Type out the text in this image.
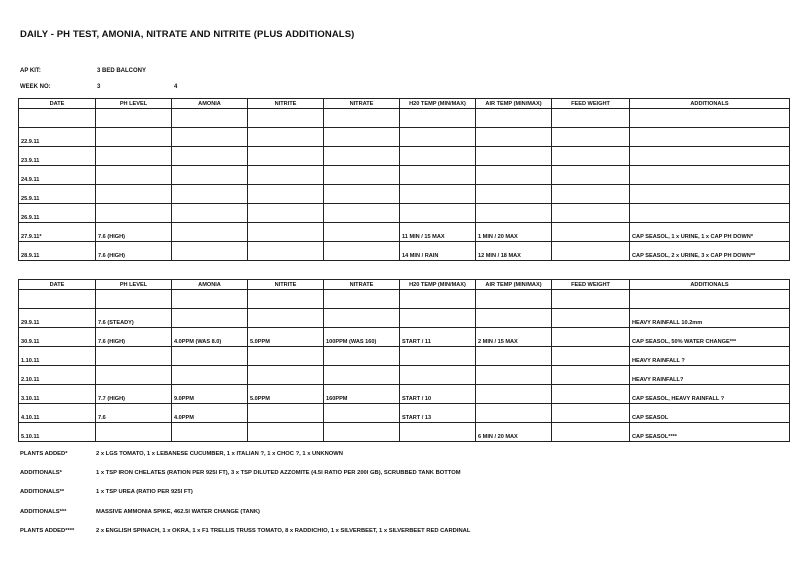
DAILY - PH TEST, AMONIA, NITRATE AND NITRITE (PLUS ADDITIONALS)
AP KIT:	3 BED BALCONY
WEEK NO:	3	4
DATE	PH LEVEL	AMONIA	NITRITE	NITRATE	H20 TEMP (MIN/MAX)	AIR TEMP (MIN/MAX)	FEED WEIGHT	ADDITIONALS

22.9.11								
23.9.11								
24.9.11								
25.9.11								
26.9.11								
27.9.11*	7.6 (HIGH)				11 MIN / 15 MAX	1 MIN / 20 MAX		CAP SEASOL, 1 x URINE, 1 x CAP PH DOWN*
28.9.11	7.6 (HIGH)				14 MIN / RAIN	12 MIN / 18 MAX		CAP SEASOL, 2 x URINE, 3 x CAP PH DOWN**
DATE	PH LEVEL	AMONIA	NITRITE	NITRATE	H20 TEMP (MIN/MAX)	AIR TEMP (MIN/MAX)	FEED WEIGHT	ADDITIONALS

29.9.11	7.6 (STEADY)							HEAVY RAINFALL 10.2mm
30.9.11	7.6 (HIGH)	4.0PPM (WAS 8.0)	5.0PPM	100PPM (WAS 160)	START / 11	2 MIN / 15 MAX		CAP SEASOL, 50% WATER CHANGE***
1.10.11								HEAVY RAINFALL ?
2.10.11								HEAVY RAINFALL?
3.10.11	7.7 (HIGH)	9.0PPM	5.0PPM	160PPM	START / 10			CAP SEASOL, HEAVY RAINFALL ?
4.10.11	7.6	4.0PPM			START / 13			CAP SEASOL
5.10.11						6 MIN / 20 MAX		CAP SEASOL****
PLANTS ADDED*	2 x LGS TOMATO, 1 x LEBANESE CUCUMBER, 1 x ITALIAN ?, 1 x CHOC ?, 1 x UNKNOWN
ADDITIONALS*	1 x TSP IRON CHELATES (RATION PER 925l FT), 3 x TSP DILUTED AZZOMITE (4.5l RATIO PER 200l GB), SCRUBBED TANK BOTTOM
ADDITIONALS**	1 x TSP UREA (RATIO PER 925l FT)
ADDITIONALS***	MASSIVE AMMONIA SPIKE, 462.5l WATER CHANGE (TANK)
PLANTS ADDED****	2 x ENGLISH SPINACH, 1 x OKRA, 1 x F1 TRELLIS TRUSS TOMATO, 8 x RADDICHIO, 1 x SILVERBEET, 1 x SILVERBEET RED CARDINAL
